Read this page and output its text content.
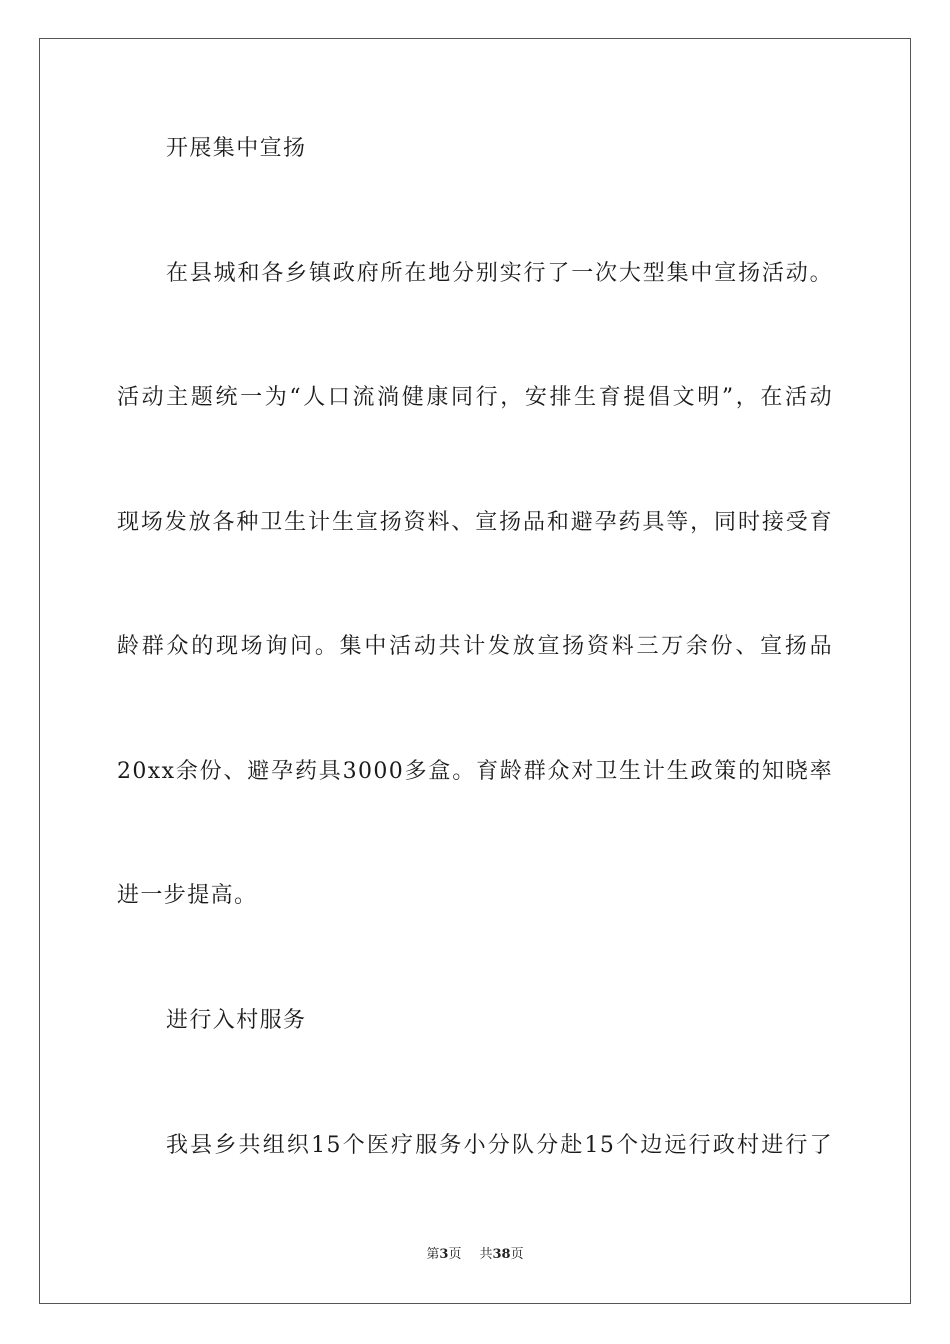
开展集中宣扬
在县城和各乡镇政府所在地分别实行了一次大型集中宣扬活动。
活动主题统一为“人口流淌健康同行，安排生育提倡文明”，在活动
现场发放各种卫生计生宣扬资料、宣扬品和避孕药具等，同时接受育
龄群众的现场询问。集中活动共计发放宣扬资料三万余份、宣扬品
20xx余份、避孕药具3000多盒。育龄群众对卫生计生政策的知晓率
进一步提高。
进行入村服务
我县乡共组织15个医疗服务小分队分赴15个边远行政村进行了
第3页 共38页
